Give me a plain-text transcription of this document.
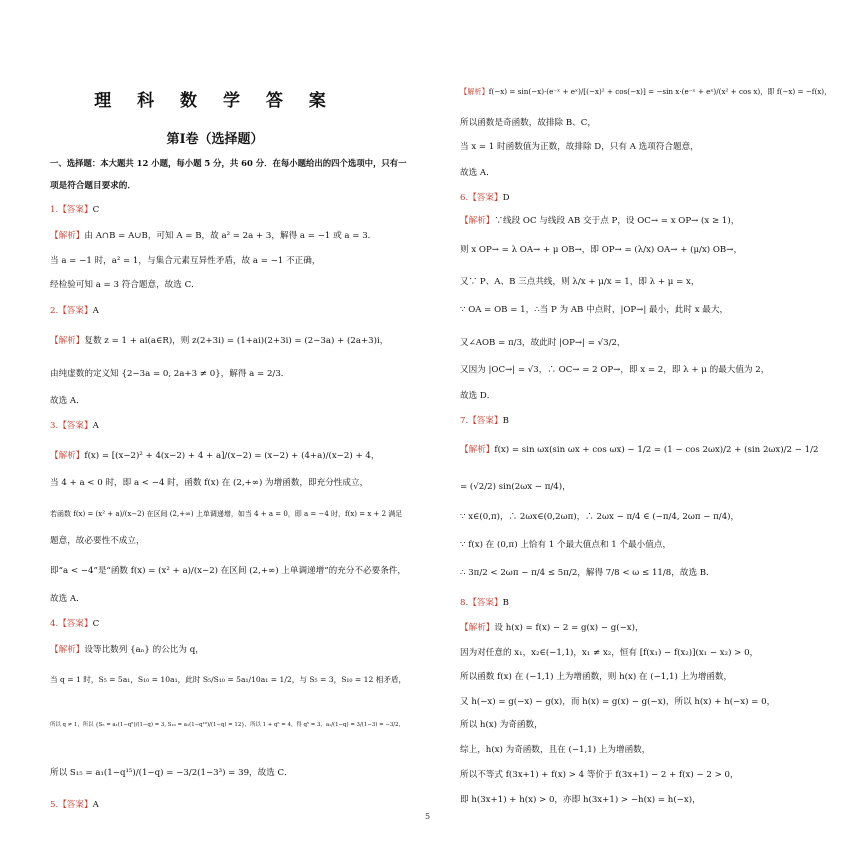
理 科 数 学 答 案
第Ⅰ卷（选择题）
一、选择题：本大题共 12 小题，每小题 5 分，共 60 分．在每小题给出的四个选项中，只有一
项是符合题目要求的．
1.【答案】C
【解析】由 A∩B = A∪B，可知 A = B，故 a² = 2a + 3，解得 a = −1 或 a = 3．
当 a = −1 时，a² = 1，与集合元素互异性矛盾，故 a = −1 不正确，
经检验可知 a = 3 符合题意，故选 C．
2.【答案】A
【解析】复数 z = 1 + ai(a∈R)，则 z(2+3i) = (1+ai)(2+3i) = (2−3a) + (2a+3)i，
由纯虚数的定义知 {2−3a = 0, 2a+3 ≠ 0}，解得 a = 2/3．
故选 A．
3.【答案】A
【解析】f(x) = [(x−2)² + 4(x−2) + 4 + a]/(x−2) = (x−2) + (4+a)/(x−2) + 4，
当 4 + a < 0 时，即 a < −4 时，函数 f(x) 在 (2,+∞) 为增函数，即充分性成立，
若函数 f(x) = (x² + a)/(x−2) 在区间 (2,+∞) 上单调递增，如当 4 + a = 0，即 a = −4 时，f(x) = x + 2 满足
题意，故必要性不成立，
即“a < −4”是“函数 f(x) = (x² + a)/(x−2) 在区间 (2,+∞) 上单调递增”的充分不必要条件，
故选 A．
4.【答案】C
【解析】设等比数列 {aₙ} 的公比为 q，
当 q = 1 时，S₅ = 5a₁，S₁₀ = 10a₁，此时 S₅/S₁₀ = 5a₁/10a₁ = 1/2，与 S₅ = 3，S₁₀ = 12 相矛盾，
所以 q ≠ 1，所以 {S₅ = a₁(1−q⁵)/(1−q) = 3, S₁₀ = a₁(1−q¹⁰)/(1−q) = 12}，所以 1 + q⁵ = 4，得 q⁵ = 3，a₁/(1−q) = 3/(1−3) = −3/2，
所以 S₁₅ = a₁(1−q¹⁵)/(1−q) = −3/2(1−3³) = 39，故选 C．
5.【答案】A
【解析】f(−x) = sin(−x)·(e⁻ˣ + eˣ)/[(−x)² + cos(−x)] = −sin x·(e⁻ˣ + eˣ)/(x² + cos x)，即 f(−x) = −f(x)，
所以函数是奇函数，故排除 B、C，
当 x = 1 时函数值为正数，故排除 D，只有 A 选项符合题意，
故选 A．
6.【答案】D
【解析】∵线段 OC 与线段 AB 交于点 P，设 OC→ = x OP→ (x ≥ 1)，
则 x OP→ = λ OA→ + μ OB→，即 OP→ = (λ/x) OA→ + (μ/x) OB→，
又∵ P、A、B 三点共线，则 λ/x + μ/x = 1，即 λ + μ = x，
∵ OA = OB = 1，∴当 P 为 AB 中点时，|OP→| 最小，此时 x 最大，
又∠AOB = π/3，故此时 |OP→| = √3/2，
又因为 |OC→| = √3，∴ OC→ = 2 OP→，即 x = 2，即 λ + μ 的最大值为 2，
故选 D．
7.【答案】B
【解析】f(x) = sin ωx(sin ωx + cos ωx) − 1/2 = (1 − cos 2ωx)/2 + (sin 2ωx)/2 − 1/2
= (√2/2) sin(2ωx − π/4)，
∵ x∈(0,π)，∴ 2ωx∈(0,2ωπ)，∴ 2ωx − π/4 ∈ (−π/4, 2ωπ − π/4)，
∵ f(x) 在 (0,π) 上恰有 1 个最大值点和 1 个最小值点，
∴ 3π/2 < 2ωπ − π/4 ≤ 5π/2，解得 7/8 < ω ≤ 11/8，故选 B．
8.【答案】B
【解析】设 h(x) = f(x) − 2 = g(x) − g(−x)，
因为对任意的 x₁，x₂∈(−1,1)，x₁ ≠ x₂，恒有 [f(x₁) − f(x₂)](x₁ − x₂) > 0，
所以函数 f(x) 在 (−1,1) 上为增函数，则 h(x) 在 (−1,1) 上为增函数，
又 h(−x) = g(−x) − g(x)，而 h(x) = g(x) − g(−x)，所以 h(x) + h(−x) = 0，
所以 h(x) 为奇函数，
综上，h(x) 为奇函数，且在 (−1,1) 上为增函数，
所以不等式 f(3x+1) + f(x) > 4 等价于 f(3x+1) − 2 + f(x) − 2 > 0，
即 h(3x+1) + h(x) > 0，亦即 h(3x+1) > −h(x) = h(−x)，
5
